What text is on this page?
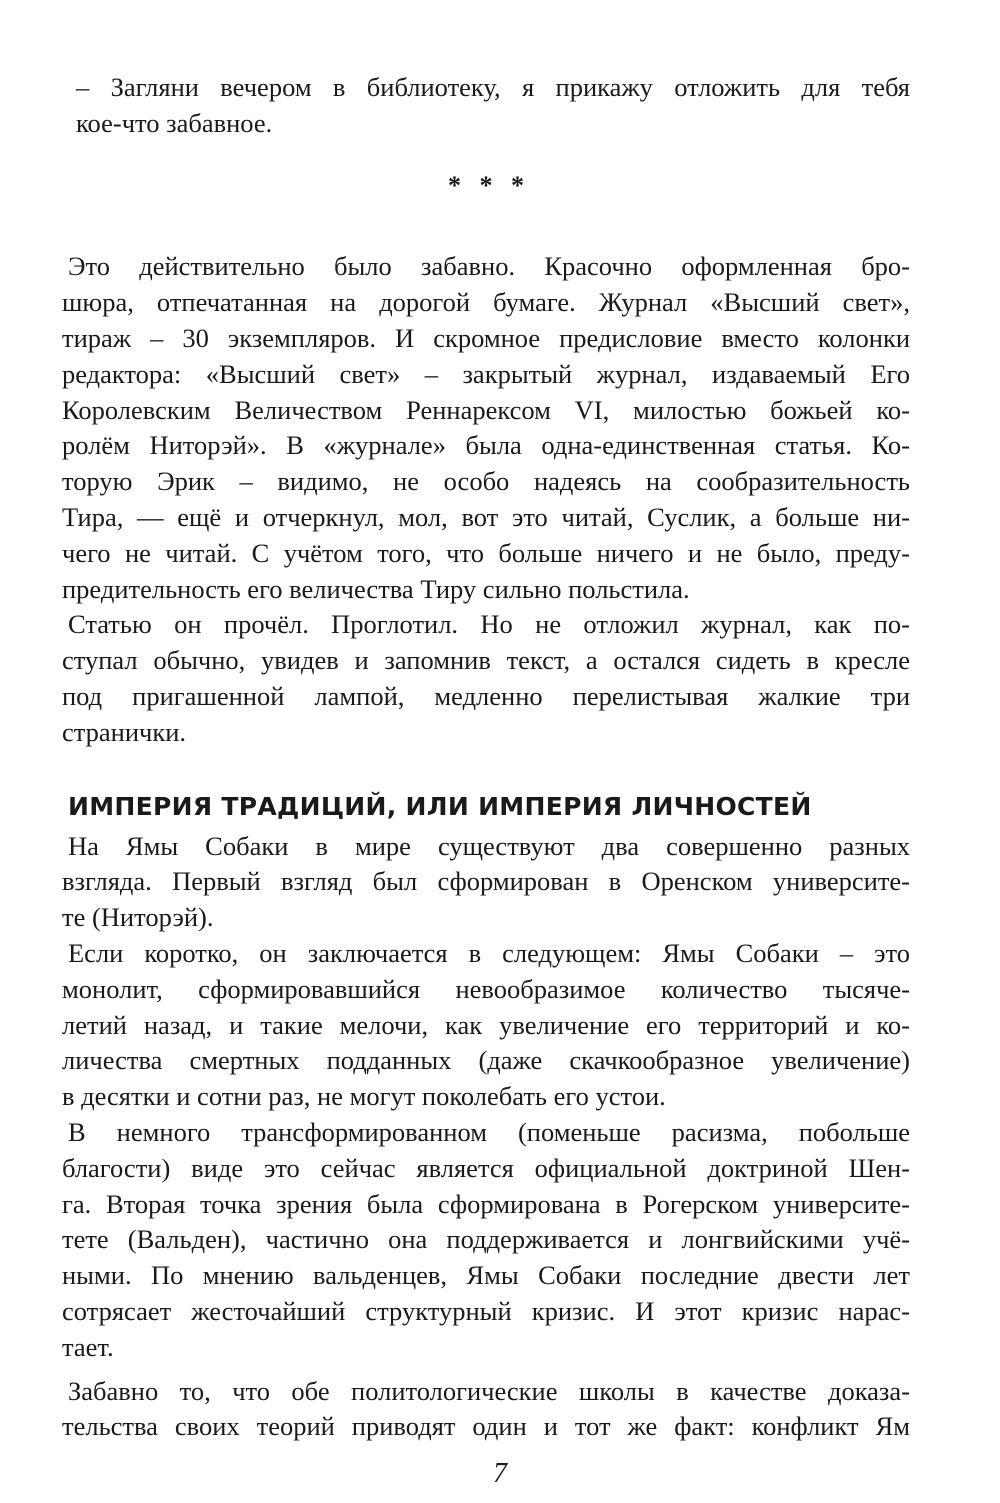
– Загляни вечером в библиотеку, я прикажу отложить для тебя
кое-что забавное.

* * *

Это действительно было забавно. Красочно оформленная бро-
шюра, отпечатанная на дорогой бумаге. Журнал «Высший свет»,
тираж – 30 экземпляров. И скромное предисловие вместо колонки
редактора: «Высший свет» – закрытый журнал, издаваемый Его
Королевским Величеством Реннарексом VI, милостью божьей ко-
ролём Ниторэй». В «журнале» была одна-единственная статья. Ко-
торую Эрик – видимо, не особо надеясь на сообразительность
Тира, — ещё и отчеркнул, мол, вот это читай, Суслик, а больше ни-
чего не читай. С учётом того, что больше ничего и не было, преду-
предительность его величества Тиру сильно польстила.

Статью он прочёл. Проглотил. Но не отложил журнал, как по-
ступал обычно, увидев и запомнив текст, а остался сидеть в кресле
под пригашенной лампой, медленно перелистывая жалкие три
странички.

ИМПЕРИЯ ТРАДИЦИЙ, ИЛИ ИМПЕРИЯ ЛИЧНОСТЕЙ

На Ямы Собаки в мире существуют два совершенно разных
взгляда. Первый взгляд был сформирован в Оренском университе-
те (Ниторэй).

Если коротко, он заключается в следующем: Ямы Собаки – это
монолит, сформировавшийся невообразимое количество тысяче-
летий назад, и такие мелочи, как увеличение его территорий и ко-
личества смертных подданных (даже скачкообразное увеличение)
в десятки и сотни раз, не могут поколебать его устои.

В немного трансформированном (поменьше расизма, побольше
благости) виде это сейчас является официальной доктриной Шен-
га. Вторая точка зрения была сформирована в Рогерском университе-
тете (Вальден), частично она поддерживается и лонгвийскими учё-
ными. По мнению вальденцев, Ямы Собаки последние двести лет
сотрясает жесточайший структурный кризис. И этот кризис нарас-
тает.

Забавно то, что обе политологические школы в качестве доказа-
тельства своих теорий приводят один и тот же факт: конфликт Ям

7
